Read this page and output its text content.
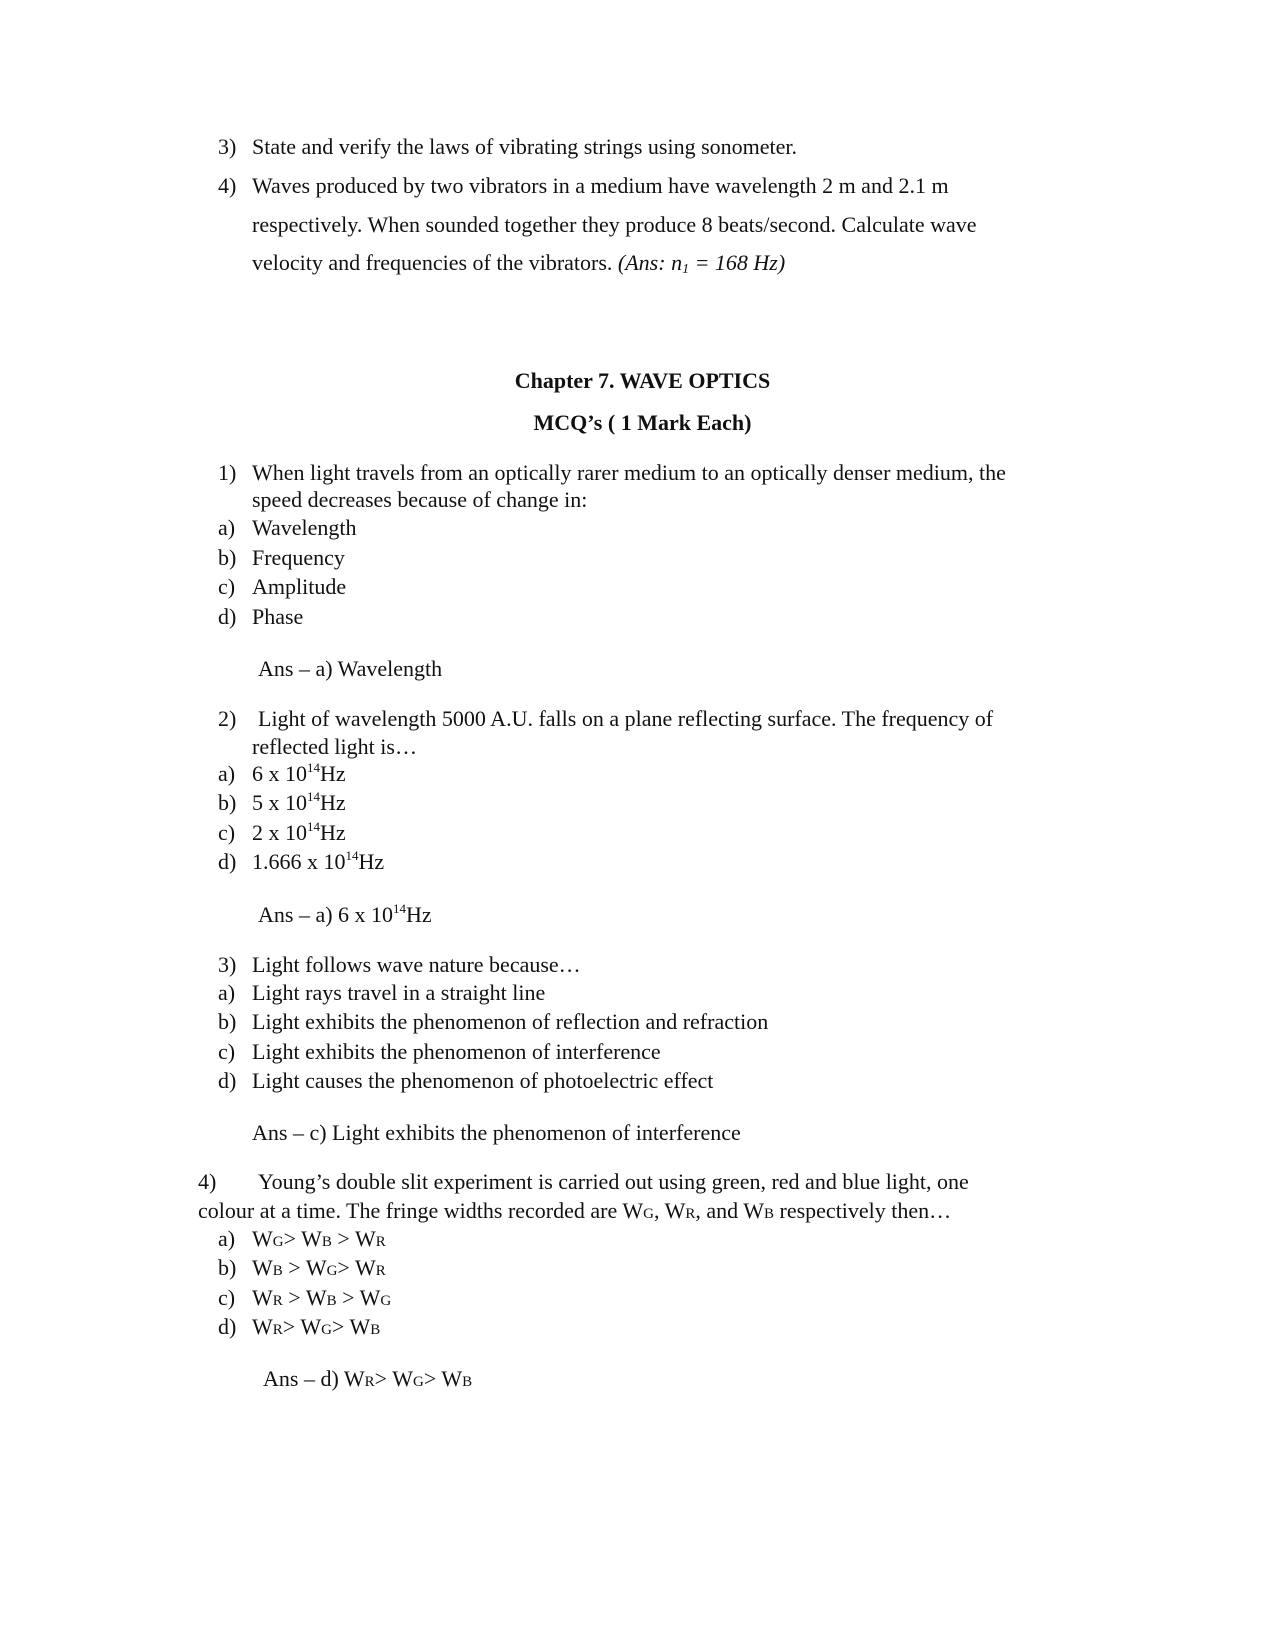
3) State and verify the laws of vibrating strings using sonometer.
4) Waves produced by two vibrators in a medium have wavelength 2 m and 2.1 m
respectively. When sounded together they produce 8 beats/second. Calculate wave
velocity and frequencies of the vibrators. (Ans: $n_1 = 168$ Hz)
Chapter 7. WAVE OPTICS
MCQ’s ( 1 Mark Each)
1) When light travels from an optically rarer medium to an optically denser medium, the
speed decreases because of change in:
a) Wavelength
b) Frequency
c) Amplitude
d) Phase
Ans – a) Wavelength
2) Light of wavelength 5000 A.U. falls on a plane reflecting surface. The frequency of
reflected light is…
a) 6 x $10^{14}Hz$
b) 5 x $10^{14}Hz$
c) 2 x $10^{14}Hz$
d) 1.666 x $10^{14}Hz$
Ans – a) 6 x $10^{14}Hz$
3) Light follows wave nature because…
a) Light rays travel in a straight line
b) Light exhibits the phenomenon of reflection and refraction
c) Light exhibits the phenomenon of interference
d) Light causes the phenomenon of photoelectric effect
Ans – c) Light exhibits the phenomenon of interference
4) Young’s double slit experiment is carried out using green, red and blue light, one
colour at a time. The fringe widths recorded are WG, WR, and WB respectively then…
a) WG> WB > WR
b) WB > WG> WR
c) WR > WB > WG
d) WR> WG> WB
Ans – d) WR> WG> WB
